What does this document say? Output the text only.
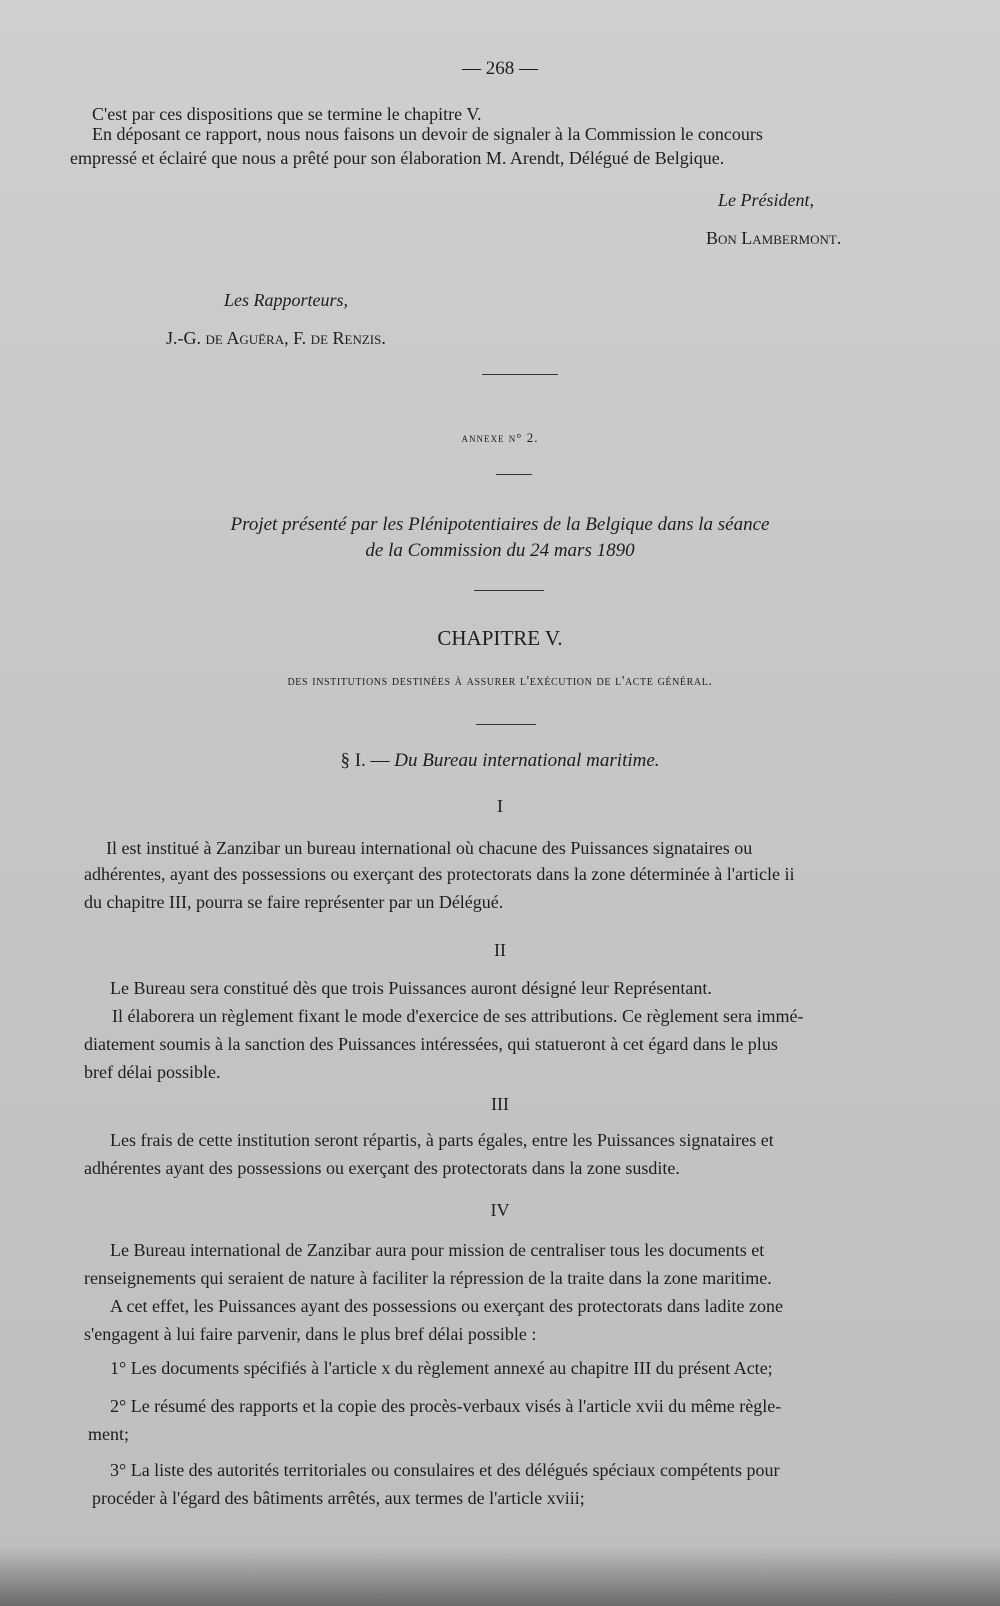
— 268 —
C'est par ces dispositions que se termine le chapitre V.
En déposant ce rapport, nous nous faisons un devoir de signaler à la Commission le concours
empressé et éclairé que nous a prêté pour son élaboration M. Arendt, Délégué de Belgique.
Le Président,
Bon Lambermont.
Les Rapporteurs,
J.-G. de Aguëra, F. de Renzis.
annexe n° 2.
Projet présenté par les Plénipotentiaires de la Belgique dans la séance
de la Commission du 24 mars 1890
CHAPITRE V.
des institutions destinées à assurer l'exécution de l'acte général.
§ I. — Du Bureau international maritime.
I
Il est institué à Zanzibar un bureau international où chacune des Puissances signataires ou
adhérentes, ayant des possessions ou exerçant des protectorats dans la zone déterminée à l'article ii
du chapitre III, pourra se faire représenter par un Délégué.
II
Le Bureau sera constitué dès que trois Puissances auront désigné leur Représentant.
Il élaborera un règlement fixant le mode d'exercice de ses attributions. Ce règlement sera immé-
diatement soumis à la sanction des Puissances intéressées, qui statueront à cet égard dans le plus
bref délai possible.
III
Les frais de cette institution seront répartis, à parts égales, entre les Puissances signataires et
adhérentes ayant des possessions ou exerçant des protectorats dans la zone susdite.
IV
Le Bureau international de Zanzibar aura pour mission de centraliser tous les documents et
renseignements qui seraient de nature à faciliter la répression de la traite dans la zone maritime.
A cet effet, les Puissances ayant des possessions ou exerçant des protectorats dans ladite zone
s'engagent à lui faire parvenir, dans le plus bref délai possible :
1° Les documents spécifiés à l'article x du règlement annexé au chapitre III du présent Acte;
2° Le résumé des rapports et la copie des procès-verbaux visés à l'article xvii du même règle-
ment;
3° La liste des autorités territoriales ou consulaires et des délégués spéciaux compétents pour
procéder à l'égard des bâtiments arrêtés, aux termes de l'article xviii;
